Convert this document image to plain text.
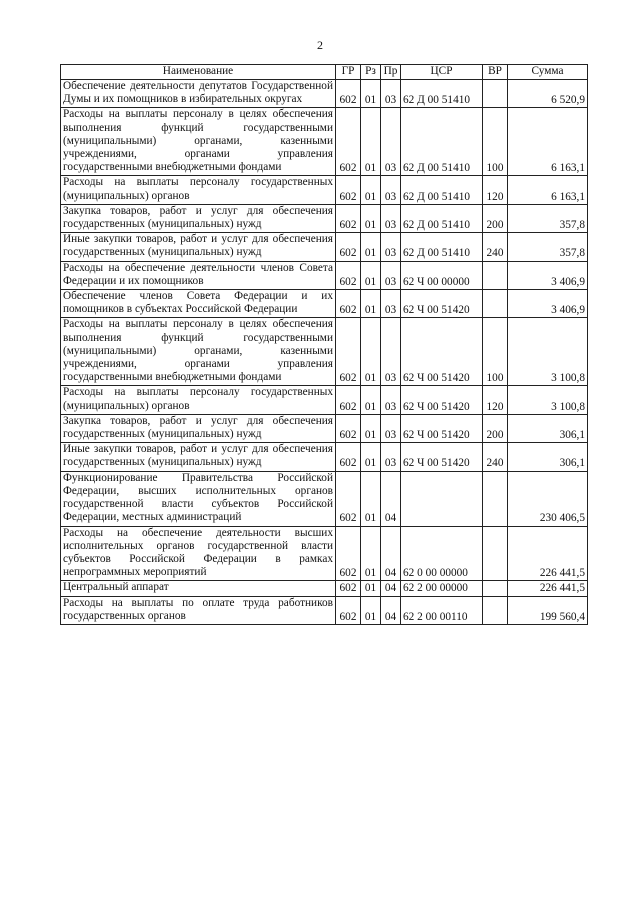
2
Наименование	ГР	Рз	Пр	ЦСР	ВР	Сумма
Обеспечение деятельности депутатов Государственной Думы и их помощников в избирательных округах	602	01	03	62 Д 00 51410		6 520,9
Расходы на выплаты персоналу в целях обеспечения выполнения функций государственными (муниципальными) органами, казенными учреждениями, органами управления государственными внебюджетными фондами	602	01	03	62 Д 00 51410	100	6 163,1
Расходы на выплаты персоналу государственных (муниципальных) органов	602	01	03	62 Д 00 51410	120	6 163,1
Закупка товаров, работ и услуг для обеспечения государственных (муниципальных) нужд	602	01	03	62 Д 00 51410	200	357,8
Иные закупки товаров, работ и услуг для обеспечения государственных (муниципальных) нужд	602	01	03	62 Д 00 51410	240	357,8
Расходы на обеспечение деятельности членов Совета Федерации и их помощников	602	01	03	62 Ч 00 00000		3 406,9
Обеспечение членов Совета Федерации и их помощников в субъектах Российской Федерации	602	01	03	62 Ч 00 51420		3 406,9
Расходы на выплаты персоналу в целях обеспечения выполнения функций государственными (муниципальными) органами, казенными учреждениями, органами управления государственными внебюджетными фондами	602	01	03	62 Ч 00 51420	100	3 100,8
Расходы на выплаты персоналу государственных (муниципальных) органов	602	01	03	62 Ч 00 51420	120	3 100,8
Закупка товаров, работ и услуг для обеспечения государственных (муниципальных) нужд	602	01	03	62 Ч 00 51420	200	306,1
Иные закупки товаров, работ и услуг для обеспечения государственных (муниципальных) нужд	602	01	03	62 Ч 00 51420	240	306,1
Функционирование Правительства Российской Федерации, высших исполнительных органов государственной власти субъектов Российской Федерации, местных администраций	602	01	04			230 406,5
Расходы на обеспечение деятельности высших исполнительных органов государственной власти субъектов Российской Федерации в рамках непрограммных мероприятий	602	01	04	62 0 00 00000		226 441,5
Центральный аппарат	602	01	04	62 2 00 00000		226 441,5
Расходы на выплаты по оплате труда работников государственных органов	602	01	04	62 2 00 00110		199 560,4
